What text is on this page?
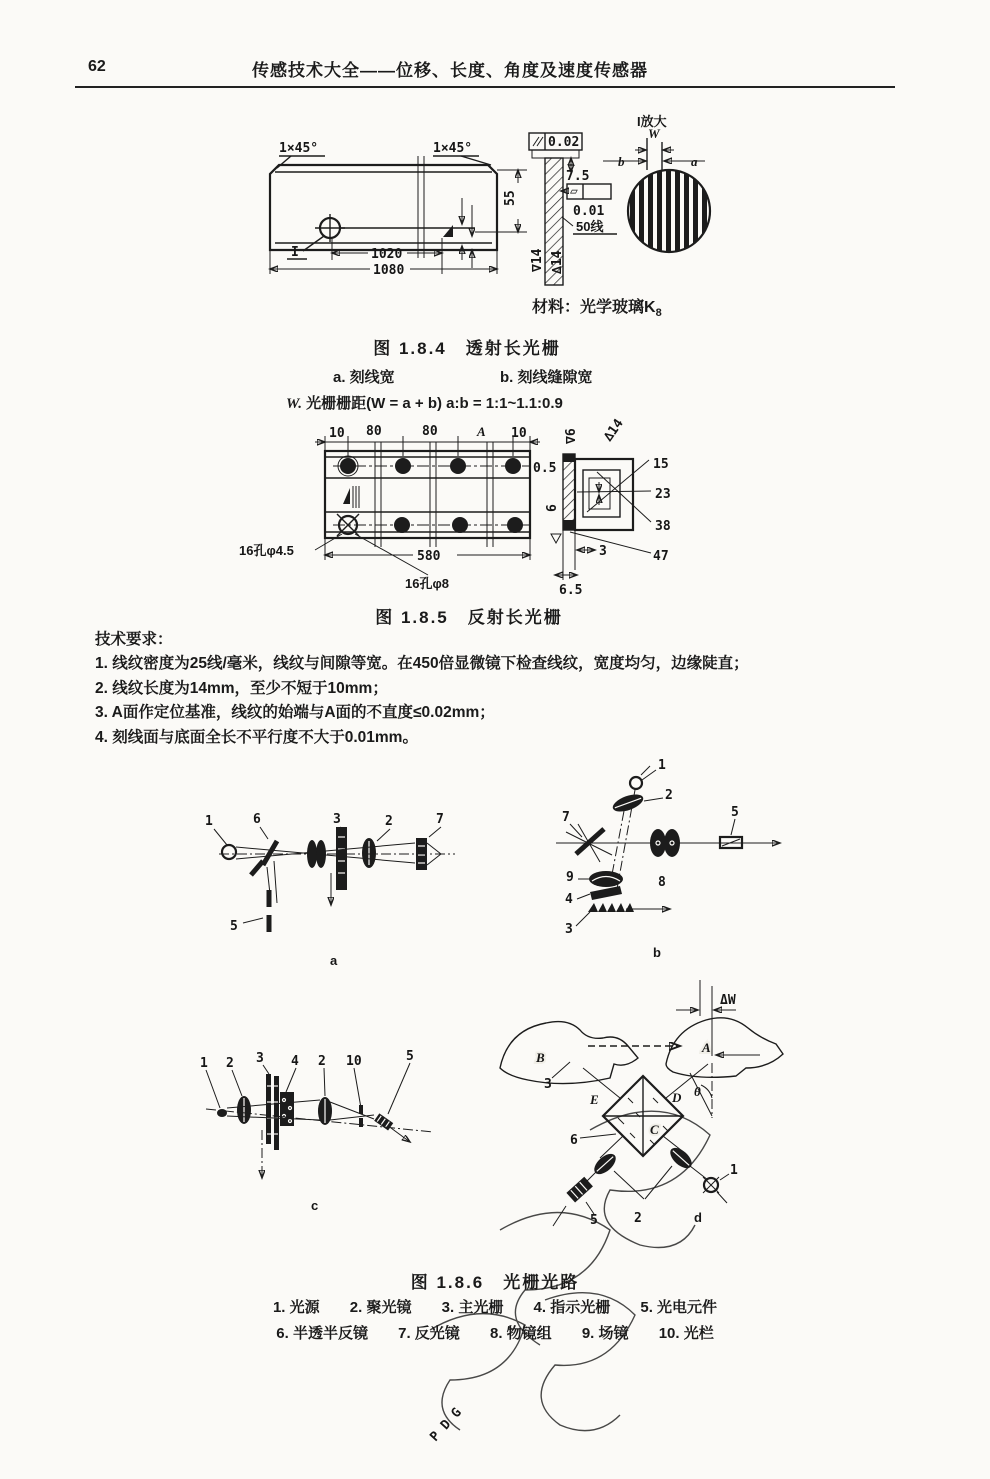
PDG
62	传感技术大全——位移、长度、角度及速度传感器
1×45°	1×45°
I	1020
1080
55
0.02
7.5
▱
0.01
50线
∇14 ∆14
I放大
W
b	a
材料：光学玻璃$K_8$
图 1.8.4　透射长光栅
a. 刻线宽	b. 刻线缝隙宽
W. 光栅栅距(W = a + b) a:b = 1:1~1.1:0.9
10 80	80	A 10
0.5
580
16孔φ4.5
16孔φ8
15
23
38
47
∇6 ∆14
6
3
6.5
图 1.8.5　反射长光栅
技术要求：
1. 线纹密度为25线/毫米，线纹与间隙等宽。在450倍显微镜下检查线纹，宽度均匀，边缘陡直；
2. 线纹长度为14mm，至少不短于10mm；
3. A面作定位基准，线纹的始端与A面的不直度≤0.02mm；
4. 刻线面与底面全长不平行度不大于0.01mm。
1	6
5
3	2	7
a
1
2
7
9
4
3
8
5
b
1 2 3 4 2 10	5
c
B
A
ΔW
θ
3
E	D
C
6
5
1
2	d
图 1.8.6　光栅光路
1. 光源 2. 聚光镜 3. 主光栅 4. 指示光栅 5. 光电元件
6. 半透半反镜 7. 反光镜 8. 物镜组 9. 场镜 10. 光栏
